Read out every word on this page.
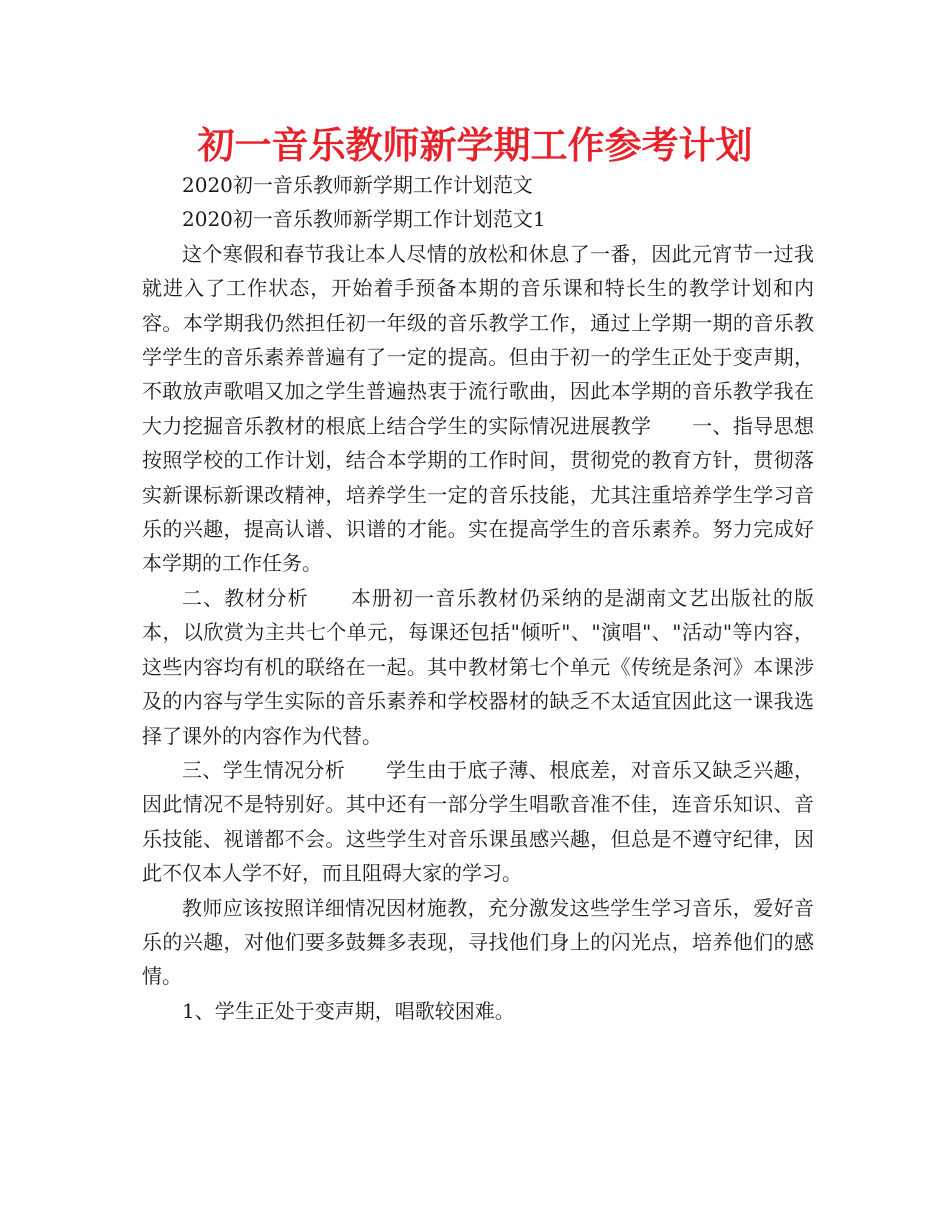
初一音乐教师新学期工作参考计划

2020初一音乐教师新学期工作计划范文

2020初一音乐教师新学期工作计划范文1

这个寒假和春节我让本人尽情的放松和休息了一番，因此元宵节一过我就进入了工作状态，开始着手预备本期的音乐课和特长生的教学计划和内容。本学期我仍然担任初一年级的音乐教学工作，通过上学期一期的音乐教学学生的音乐素养普遍有了一定的提高。但由于初一的学生正处于变声期，不敢放声歌唱又加之学生普遍热衷于流行歌曲，因此本学期的音乐教学我在大力挖掘音乐教材的根底上结合学生的实际情况进展教学　　一、指导思想　　按照学校的工作计划，结合本学期的工作时间，贯彻党的教育方针，贯彻落实新课标新课改精神，培养学生一定的音乐技能，尤其注重培养学生学习音乐的兴趣，提高认谱、识谱的才能。实在提高学生的音乐素养。努力完成好本学期的工作任务。

二、教材分析　　本册初一音乐教材仍采纳的是湖南文艺出版社的版本，以欣赏为主共七个单元，每课还包括"倾听"、"演唱"、"活动"等内容，这些内容均有机的联络在一起。其中教材第七个单元《传统是条河》本课涉及的内容与学生实际的音乐素养和学校器材的缺乏不太适宜因此这一课我选择了课外的内容作为代替。

三、学生情况分析　　学生由于底子薄、根底差，对音乐又缺乏兴趣，因此情况不是特别好。其中还有一部分学生唱歌音准不佳，连音乐知识、音乐技能、视谱都不会。这些学生对音乐课虽感兴趣，但总是不遵守纪律，因此不仅本人学不好，而且阻碍大家的学习。

教师应该按照详细情况因材施教，充分激发这些学生学习音乐，爱好音乐的兴趣，对他们要多鼓舞多表现，寻找他们身上的闪光点，培养他们的感情。

1、学生正处于变声期，唱歌较困难。
